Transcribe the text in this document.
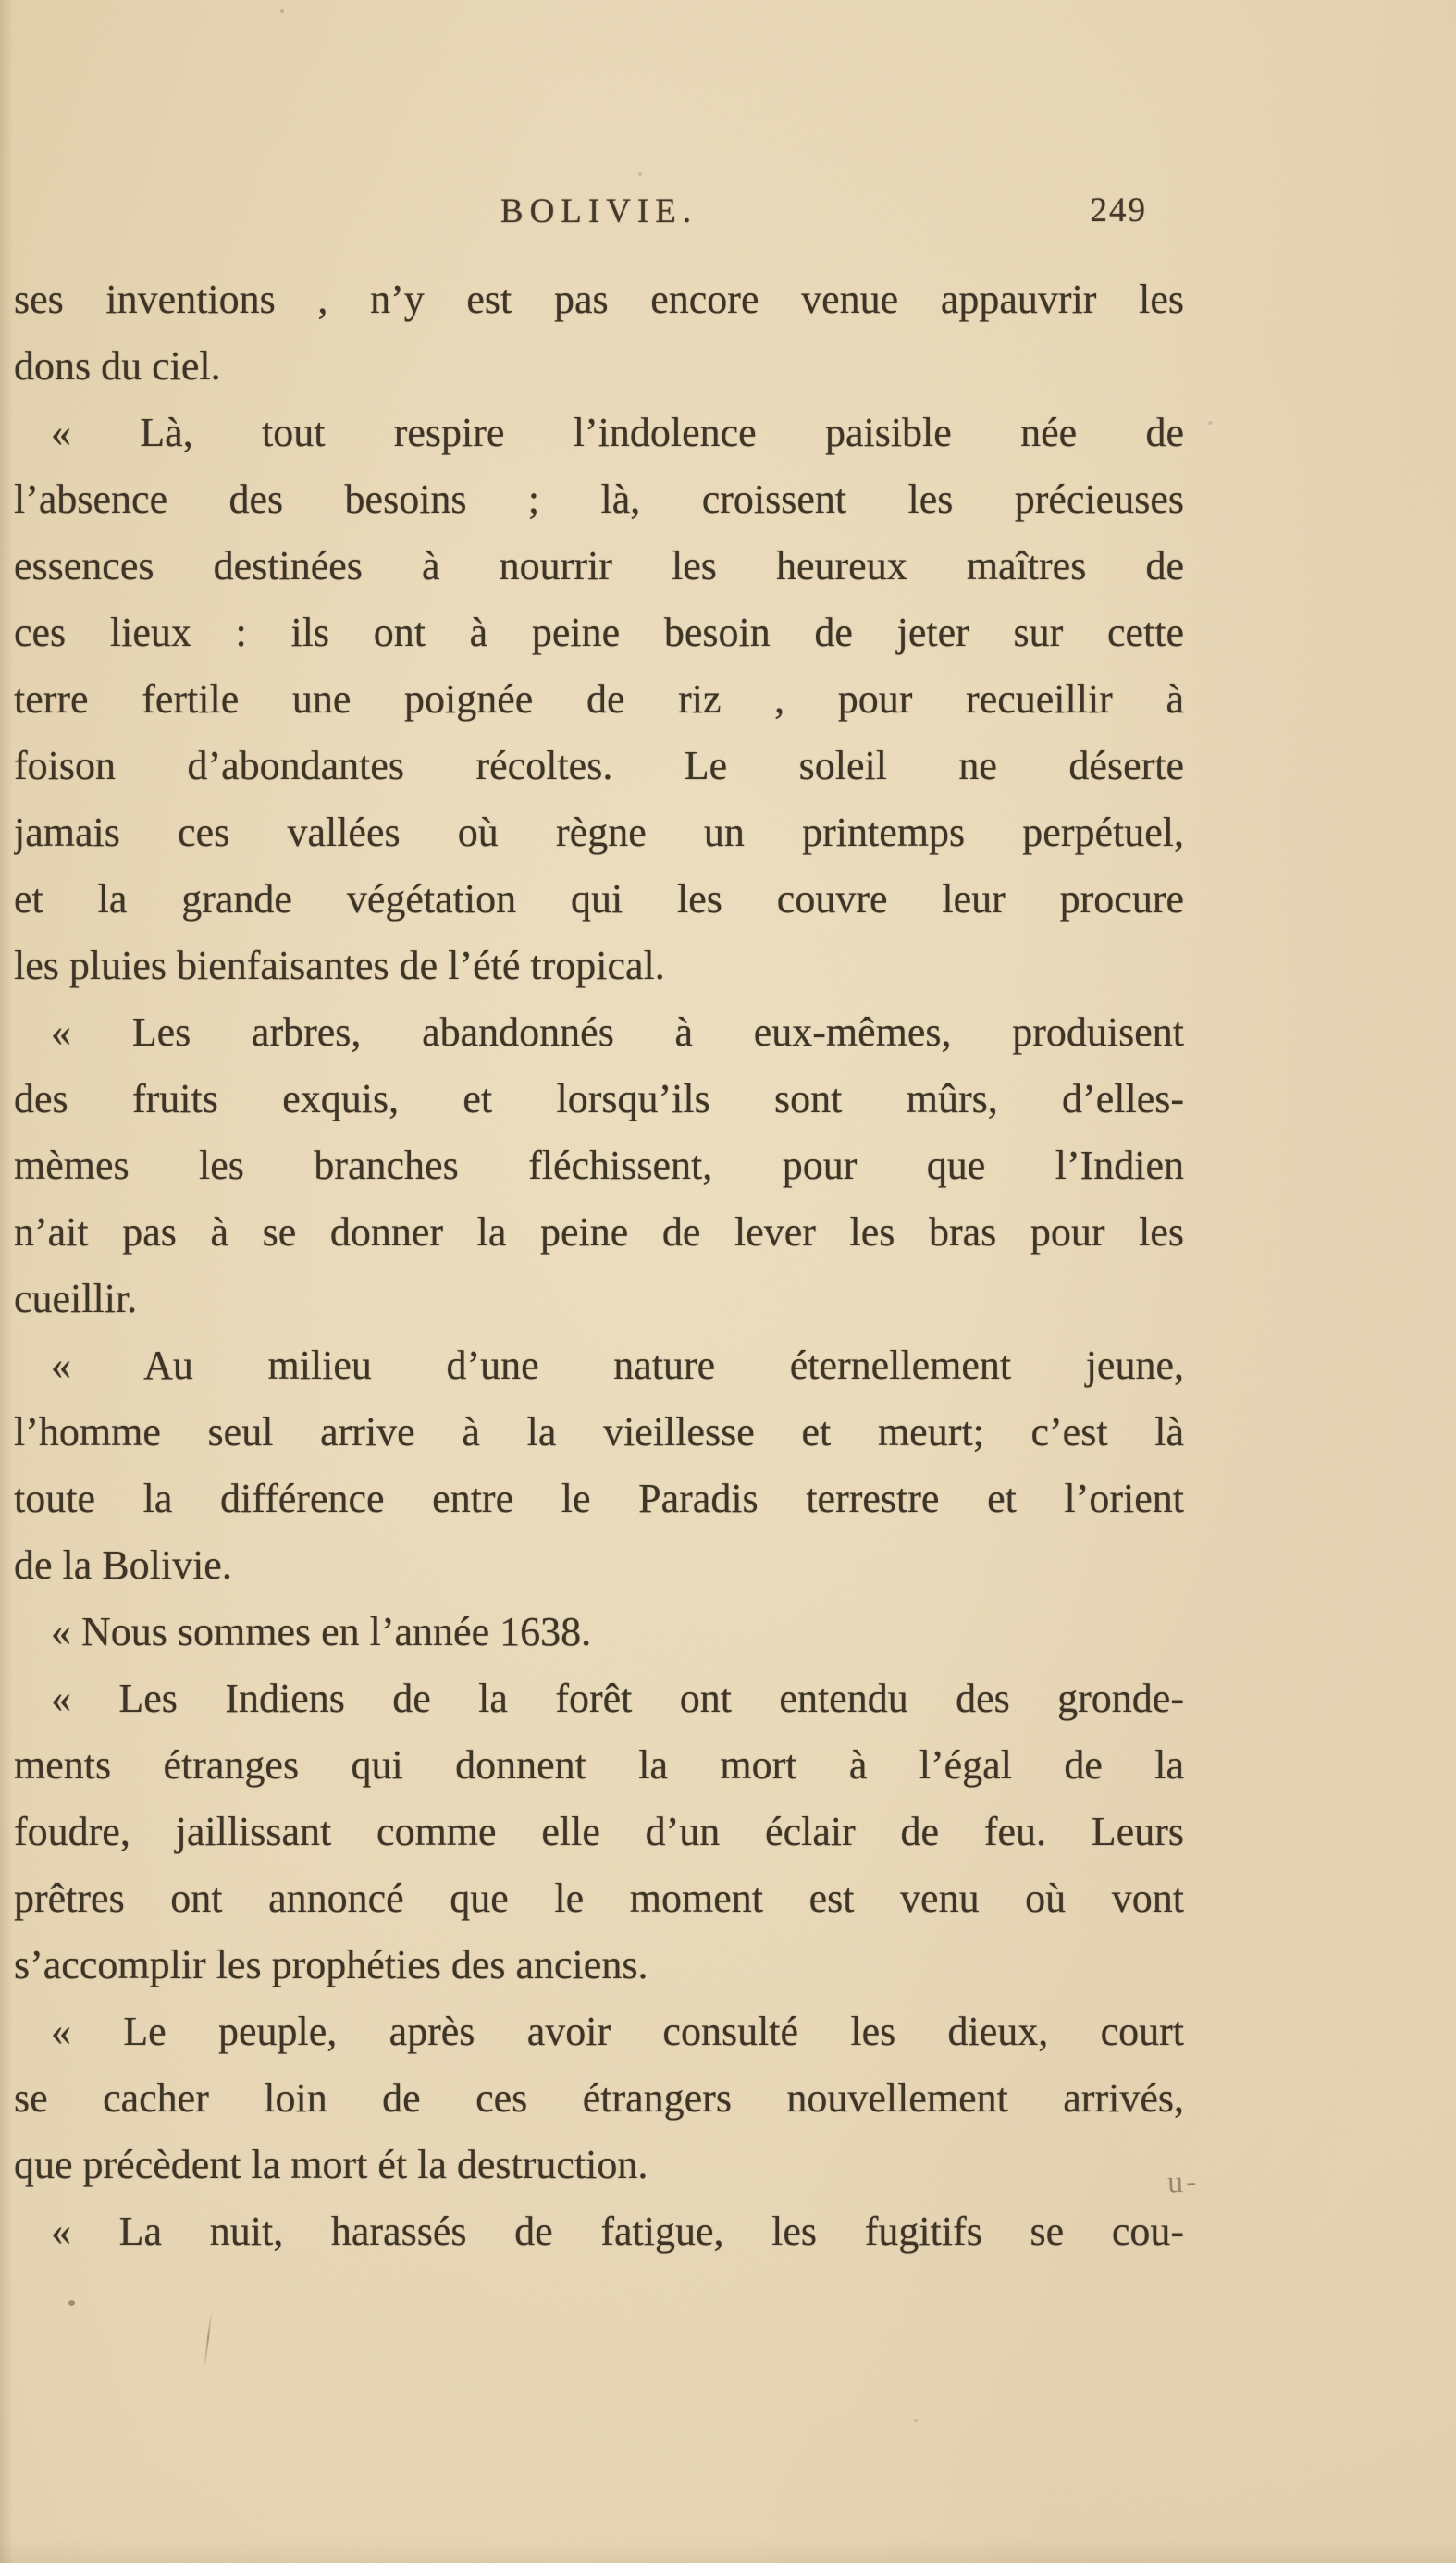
BOLIVIE.	249
ses inventions , n’y est pas encore venue appauvrir les
dons du ciel.
« Là, tout respire l’indolence paisible née de
l’absence des besoins ; là, croissent les précieuses
essences destinées à nourrir les heureux maîtres de
ces lieux : ils ont à peine besoin de jeter sur cette
terre fertile une poignée de riz , pour recueillir à
foison d’abondantes récoltes. Le soleil ne déserte
jamais ces vallées où règne un printemps perpétuel,
et la grande végétation qui les couvre leur procure
les pluies bienfaisantes de l’été tropical.
« Les arbres, abandonnés à eux-mêmes, produisent
des fruits exquis, et lorsqu’ils sont mûrs, d’elles-
mèmes les branches fléchissent, pour que l’Indien
n’ait pas à se donner la peine de lever les bras pour les
cueillir.
« Au milieu d’une nature éternellement jeune,
l’homme seul arrive à la vieillesse et meurt; c’est là
toute la différence entre le Paradis terrestre et l’orient
de la Bolivie.
« Nous sommes en l’année 1638.
« Les Indiens de la forêt ont entendu des gronde-
ments étranges qui donnent la mort à l’égal de la
foudre, jaillissant comme elle d’un éclair de feu. Leurs
prêtres ont annoncé que le moment est venu où vont
s’accomplir les prophéties des anciens.
« Le peuple, après avoir consulté les dieux, court
se cacher loin de ces étrangers nouvellement arrivés,
que précèdent la mort ét la destruction.
« La nuit, harassés de fatigue, les fugitifs se cou-
u-
